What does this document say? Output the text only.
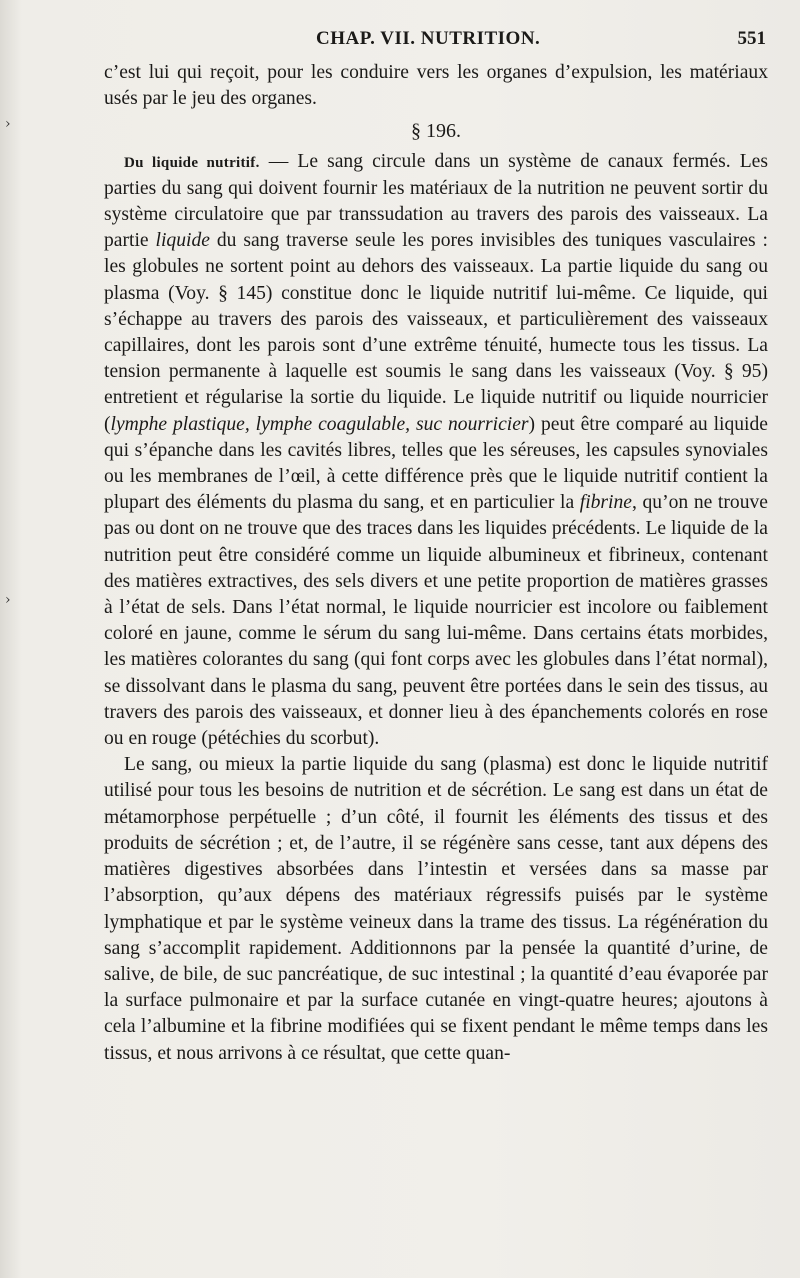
CHAP. VII. NUTRITION.	551
›
›

c’est lui qui reçoit, pour les conduire vers les organes d’expulsion, les matériaux usés par le jeu des organes.

§ 196.

Du liquide nutritif. — Le sang circule dans un système de canaux fermés. Les parties du sang qui doivent fournir les matériaux de la nutrition ne peuvent sortir du système circulatoire que par transsudation au travers des parois des vaisseaux. La partie liquide du sang traverse seule les pores invisibles des tuniques vasculaires : les globules ne sortent point au dehors des vaisseaux. La partie liquide du sang ou plasma (Voy. § 145) constitue donc le liquide nutritif lui-même. Ce liquide, qui s’échappe au travers des parois des vaisseaux, et particulièrement des vaisseaux capillaires, dont les parois sont d’une extrême ténuité, humecte tous les tissus. La tension permanente à laquelle est soumis le sang dans les vaisseaux (Voy. § 95) entretient et régularise la sortie du liquide. Le liquide nutritif ou liquide nourricier (lymphe plastique, lymphe coagulable, suc nourricier) peut être comparé au liquide qui s’épanche dans les cavités libres, telles que les séreuses, les capsules synoviales ou les membranes de l’œil, à cette différence près que le liquide nutritif contient la plupart des éléments du plasma du sang, et en particulier la fibrine, qu’on ne trouve pas ou dont on ne trouve que des traces dans les liquides précédents. Le liquide de la nutrition peut être considéré comme un liquide albumineux et fibrineux, contenant des matières extractives, des sels divers et une petite proportion de matières grasses à l’état de sels. Dans l’état normal, le liquide nourricier est incolore ou faiblement coloré en jaune, comme le sérum du sang lui-même. Dans certains états morbides, les matières colorantes du sang (qui font corps avec les globules dans l’état normal), se dissolvant dans le plasma du sang, peuvent être portées dans le sein des tissus, au travers des parois des vaisseaux, et donner lieu à des épanchements colorés en rose ou en rouge (pétéchies du scorbut).

Le sang, ou mieux la partie liquide du sang (plasma) est donc le liquide nutritif utilisé pour tous les besoins de nutrition et de sécrétion. Le sang est dans un état de métamorphose perpétuelle ; d’un côté, il fournit les éléments des tissus et des produits de sécrétion ; et, de l’autre, il se régénère sans cesse, tant aux dépens des matières digestives absorbées dans l’intestin et versées dans sa masse par l’absorption, qu’aux dépens des matériaux régressifs puisés par le système lymphatique et par le système veineux dans la trame des tissus. La régénération du sang s’accomplit rapidement. Additionnons par la pensée la quantité d’urine, de salive, de bile, de suc pancréatique, de suc intestinal ; la quantité d’eau évaporée par la surface pulmonaire et par la surface cutanée en vingt-quatre heures; ajoutons à cela l’albumine et la fibrine modifiées qui se fixent pendant le même temps dans les tissus, et nous arrivons à ce résultat, que cette quan-
